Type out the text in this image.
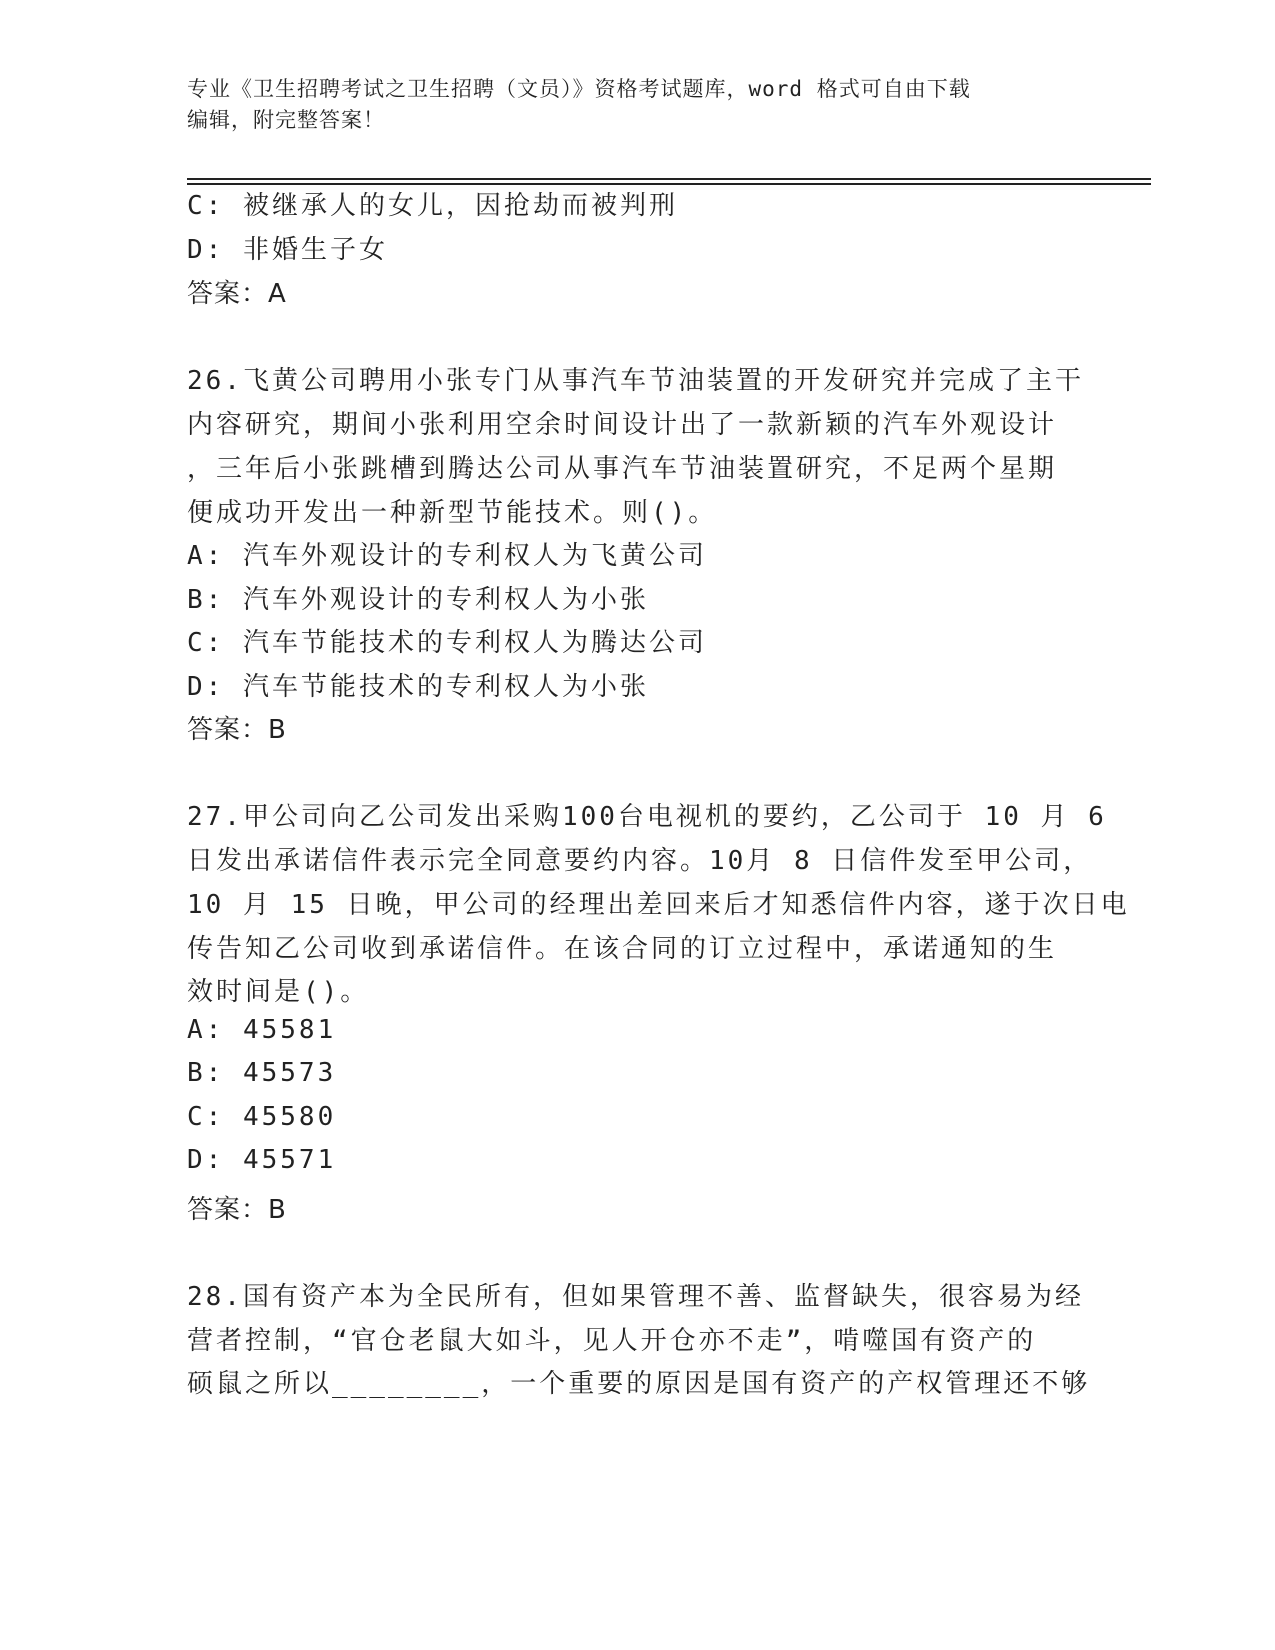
专业《卫生招聘考试之卫生招聘（文员）》资格考试题库，word 格式可自由下载
编辑，附完整答案！
C: 被继承人的女儿，因抢劫而被判刑
D: 非婚生子女
答案：A
26.飞黄公司聘用小张专门从事汽车节油装置的开发研究并完成了主干
内容研究，期间小张利用空余时间设计出了一款新颖的汽车外观设计
，三年后小张跳槽到腾达公司从事汽车节油装置研究，不足两个星期
便成功开发出一种新型节能技术。则()。
A: 汽车外观设计的专利权人为飞黄公司
B: 汽车外观设计的专利权人为小张
C: 汽车节能技术的专利权人为腾达公司
D: 汽车节能技术的专利权人为小张
答案：B
27.甲公司向乙公司发出采购100台电视机的要约，乙公司于 10 月 6
日发出承诺信件表示完全同意要约内容。10月 8 日信件发至甲公司，
10 月 15 日晚，甲公司的经理出差回来后才知悉信件内容，遂于次日电
传告知乙公司收到承诺信件。在该合同的订立过程中，承诺通知的生
效时间是()。
A: 45581
B: 45573
C: 45580
D: 45571
答案：B
28.国有资产本为全民所有，但如果管理不善、监督缺失，很容易为经
营者控制，“官仓老鼠大如斗，见人开仓亦不走”，啃噬国有资产的
硕鼠之所以________，一个重要的原因是国有资产的产权管理还不够
